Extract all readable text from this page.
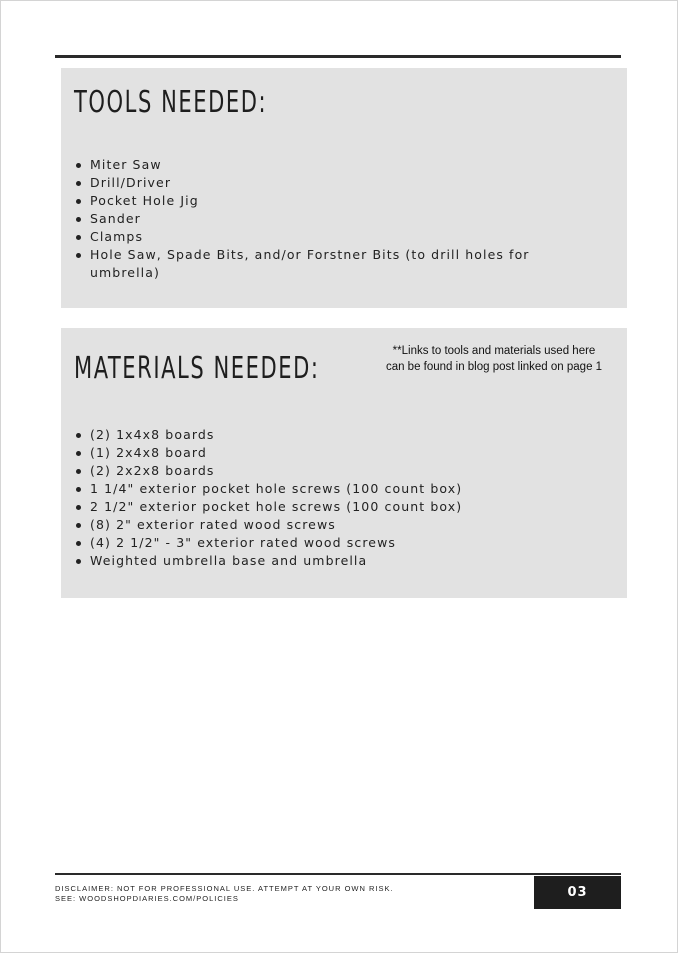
TOOLS NEEDED:
Miter Saw
Drill/Driver
Pocket Hole Jig
Sander
Clamps
Hole Saw, Spade Bits, and/or Forstner Bits (to drill holes for umbrella)
MATERIALS NEEDED:	**Links to tools and materials used here
can be found in blog post linked on page 1
(2) 1x4x8 boards
(1) 2x4x8 board
(2) 2x2x8 boards
1 1/4" exterior pocket hole screws (100 count box)
2 1/2" exterior pocket hole screws (100 count box)
(8) 2" exterior rated wood screws
(4) 2 1/2" - 3" exterior rated wood screws
Weighted umbrella base and umbrella
DISCLAIMER: NOT FOR PROFESSIONAL USE. ATTEMPT AT YOUR OWN RISK.
SEE: WOODSHOPDIARIES.COM/POLICIES	03
